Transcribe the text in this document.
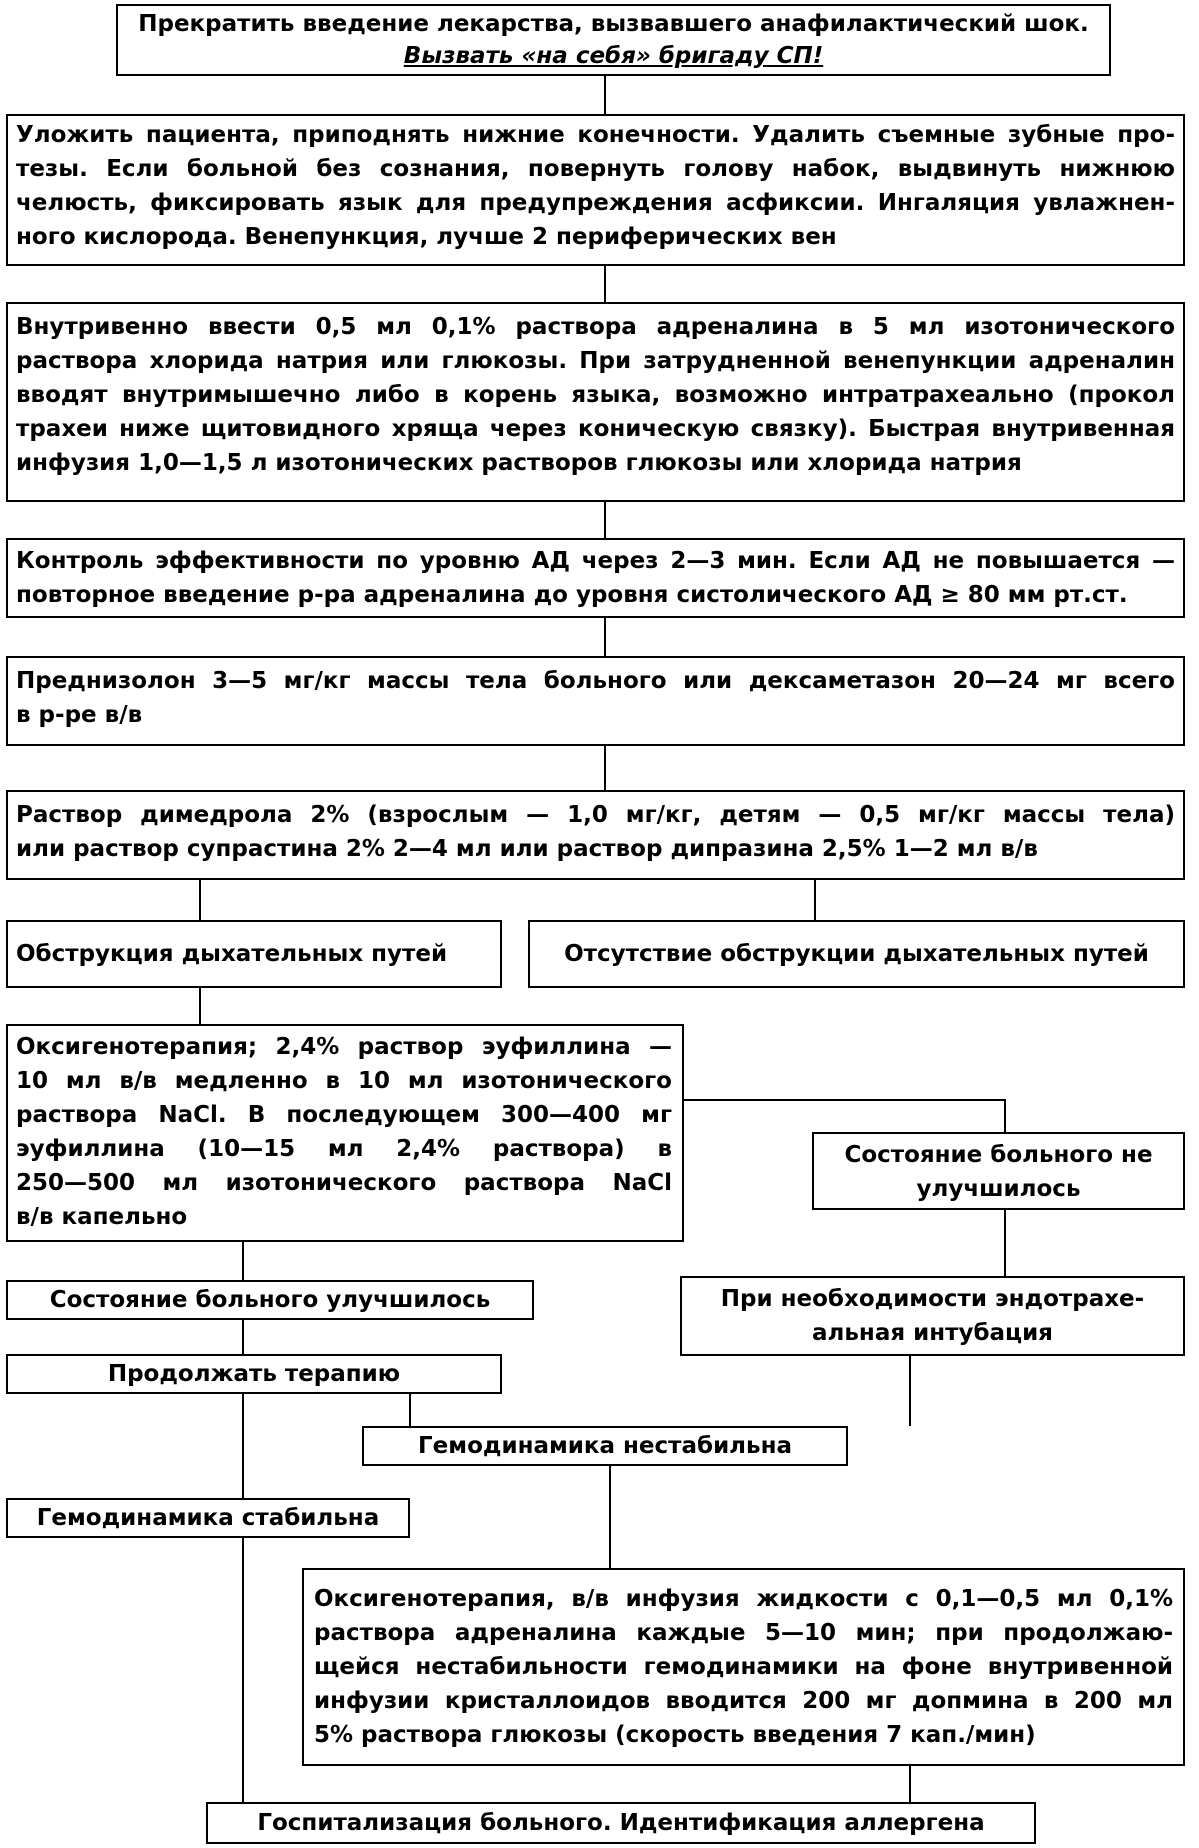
Прекратить введение лекарства, вызвавшего анафилактический шок.
Вызвать «на себя» бригаду СП!
Уложить пациента, приподнять нижние конечности. Удалить съемные зубные про-
тезы. Если больной без сознания, повернуть голову набок, выдвинуть нижнюю
челюсть, фиксировать язык для предупреждения асфиксии. Ингаляция увлажнен-
ного кислорода. Венепункция, лучше 2 периферических вен
Внутривенно ввести 0,5 мл 0,1% раствора адреналина в 5 мл изотонического
раствора хлорида натрия или глюкозы. При затрудненной венепункции адреналин
вводят внутримышечно либо в корень языка, возможно интратрахеально (прокол
трахеи ниже щитовидного хряща через коническую связку). Быстрая внутривенная
инфузия 1,0—1,5 л изотонических растворов глюкозы или хлорида натрия
Контроль эффективности по уровню АД через 2—3 мин. Если АД не повышается —
повторное введение р-ра адреналина до уровня систолического АД ≥ 80 мм рт.ст.
Преднизолон 3—5 мг/кг массы тела больного или дексаметазон 20—24 мг всего
в р-ре в/в
Раствор димедрола 2% (взрослым — 1,0 мг/кг, детям — 0,5 мг/кг массы тела)
или раствор супрастина 2% 2—4 мл или раствор дипразина 2,5% 1—2 мл в/в
Обструкция дыхательных путей	Отсутствие обструкции дыхательных путей
Оксигенотерапия; 2,4% раствор эуфиллина —
10 мл в/в медленно в 10 мл изотонического
раствора NaCl. В последующем 300—400 мг
эуфиллина (10—15 мл 2,4% раствора) в
250—500 мл изотонического раствора NaCl
в/в капельно
Состояние больного не
улучшилось
Состояние больного улучшилось	При необходимости эндотрахе-
альная интубация
Продолжать терапию
Гемодинамика нестабильна
Гемодинамика стабильна
Оксигенотерапия, в/в инфузия жидкости с 0,1—0,5 мл 0,1%
раствора адреналина каждые 5—10 мин; при продолжаю-
щейся нестабильности гемодинамики на фоне внутривенной
инфузии кристаллоидов вводится 200 мг допмина в 200 мл
5% раствора глюкозы (скорость введения 7 кап./мин)
Госпитализация больного. Идентификация аллергена
